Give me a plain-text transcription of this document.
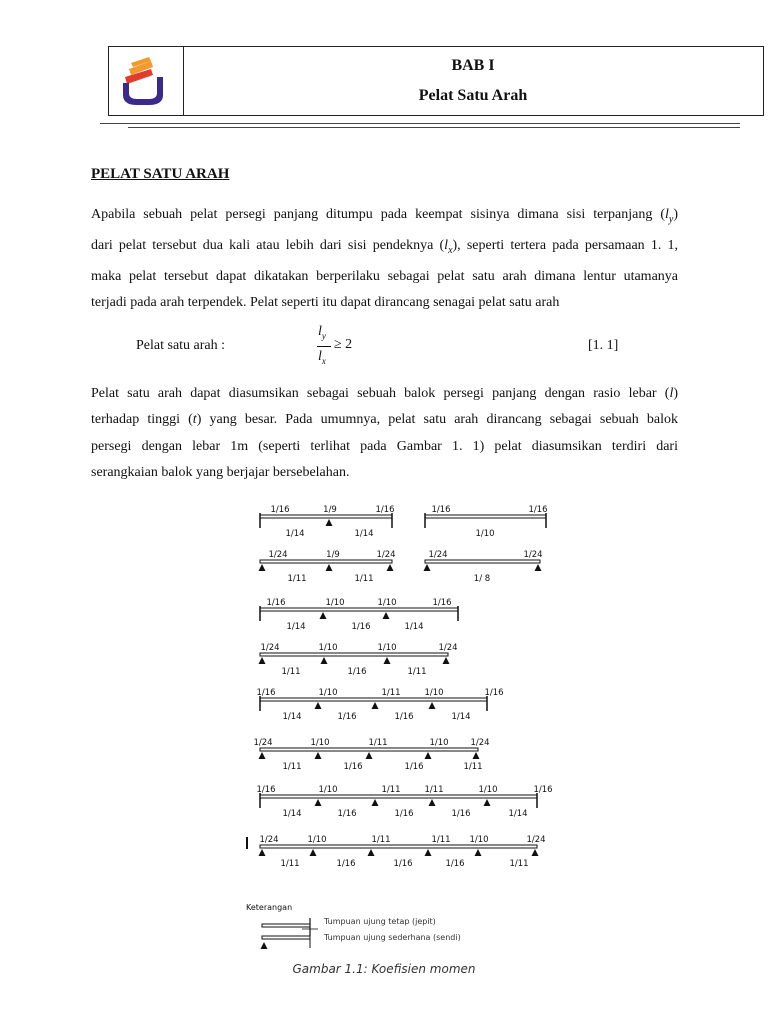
BAB I
Pelat Satu Arah
PELAT SATU ARAH
Apabila sebuah pelat persegi panjang ditumpu pada keempat sisinya dimana sisi terpanjang $(l_y)$
dari pelat tersebut dua kali atau lebih dari sisi pendeknya $(l_x)$, seperti tertera pada persamaan 1. 1,
maka pelat tersebut dapat dikatakan berperilaku sebagai pelat satu arah dimana lentur utamanya
terjadi pada arah terpendek. Pelat seperti itu dapat dirancang senagai pelat satu arah
Pelat satu arah :
$l_y$
$l_x$
≥ 2	[1. 1]
Pelat satu arah dapat diasumsikan sebagai sebuah balok persegi panjang dengan rasio lebar (l)
terhadap tinggi (t) yang besar. Pada umumnya, pelat satu arah dirancang sebagai sebuah balok
persegi dengan lebar 1m (seperti terlihat pada Gambar 1. 1) pelat diasumsikan terdiri dari
serangkaian balok yang berjajar bersebelahan.
1/16	1/9	1/16
1/14	1/14
1/16	1/16
1/10
1/24	1/9	1/24
1/11	1/11
1/24	1/24
1/ 8
1/16	1/10	1/10	1/16
1/14	1/16	1/14
1/24	1/10	1/10	1/24
1/11	1/16	1/11
1/16	1/10	1/11	1/10	1/16
1/14	1/16	1/16	1/14
1/24	1/10	1/11	1/10	1/24
1/11	1/16	1/16	1/11
1/16	1/10	1/11	1/11	1/10	1/16
1/14	1/16	1/16	1/16	1/14
1/24	1/10	1/11	1/11 1/10	1/24
1/11	1/16	1/16	1/16	1/11
Keterangan
Tumpuan ujung tetap (jepit)
Tumpuan ujung sederhana (sendi)
Gambar 1.1: Koefisien momen
